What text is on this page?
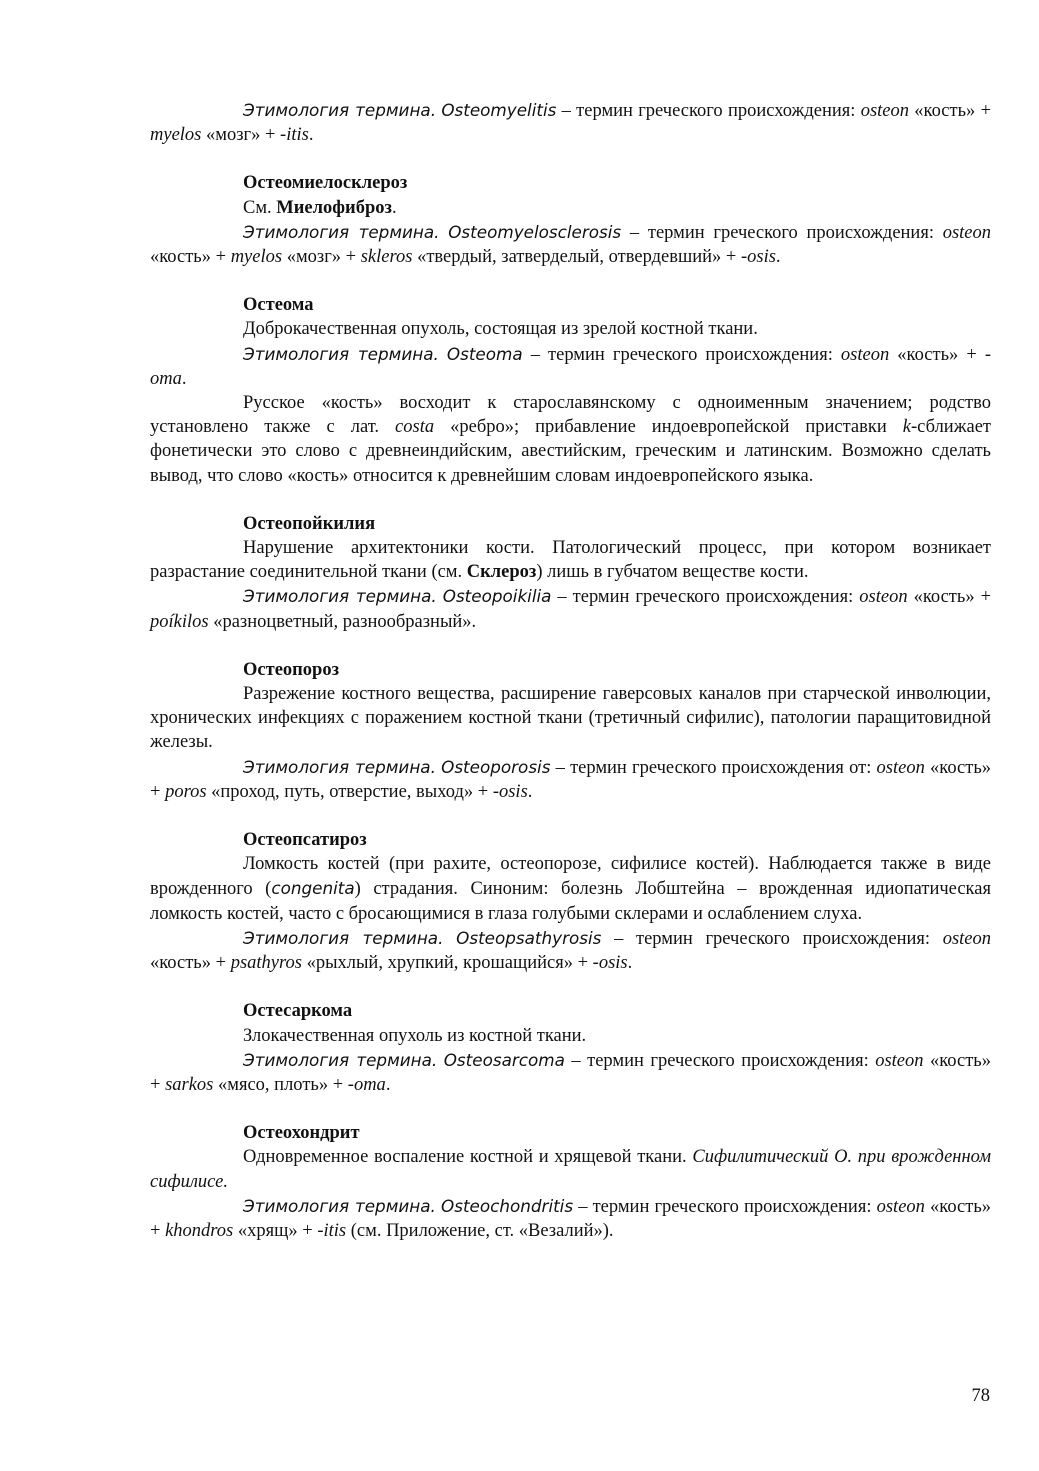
Этимология термина. Osteomyelitis – термин греческого происхождения: osteon «кость» + myelos «мозг» + -itis.

Остеомиелосклероз

См. Миелофиброз.

Этимология термина. Osteomyelosclerosis – термин греческого происхождения: osteon «кость» + myelos «мозг» + skleros «твердый, затверделый, отвердевший» + -osis.

Остеома

Доброкачественная опухоль, состоящая из зрелой костной ткани.

Этимология термина. Osteoma – термин греческого происхождения: osteon «кость» + -oma.

Русское «кость» восходит к старославянскому с одноименным значением; родство установлено также с лат. costa «ребро»; прибавление индоевропейской приставки k-сближает фонетически это слово с древнеиндийским, авестийским, греческим и латинским. Возможно сделать вывод, что слово «кость» относится к древнейшим словам индоевропейского языка.

Остеопойкилия

Нарушение архитектоники кости. Патологический процесс, при котором возникает разрастание соединительной ткани (см. Склероз) лишь в губчатом веществе кости.

Этимология термина. Osteopoikilia – термин греческого происхождения: osteon «кость» + poíkilos «разноцветный, разнообразный».

Остеопороз

Разрежение костного вещества, расширение гаверсовых каналов при старческой инволюции, хронических инфекциях с поражением костной ткани (третичный сифилис), патологии паращитовидной железы.

Этимология термина. Osteoporosis – термин греческого происхождения от: osteon «кость» + poros «проход, путь, отверстие, выход» + -osis.

Остеопсатироз

Ломкость костей (при рахите, остеопорозе, сифилисе костей). Наблюдается также в виде врожденного (congenita) страдания. Синоним: болезнь Лобштейна – врожденная идиопатическая ломкость костей, часто с бросающимися в глаза голубыми склерами и ослаблением слуха.

Этимология термина. Osteopsathyrosis – термин греческого происхождения: osteon «кость» + psathyros «рыхлый, хрупкий, крошащийся» + -osis.

Остесаркома

Злокачественная опухоль из костной ткани.

Этимология термина. Osteosarcoma – термин греческого происхождения: osteon «кость» + sarkos «мясо, плоть» + -oma.

Остеохондрит

Одновременное воспаление костной и хрящевой ткани. Сифилитический О. при врожденном сифилисе.

Этимология термина. Osteochondritis – термин греческого происхождения: osteon «кость» + khondros «хрящ» + -itis (см. Приложение, ст. «Везалий»).

78
